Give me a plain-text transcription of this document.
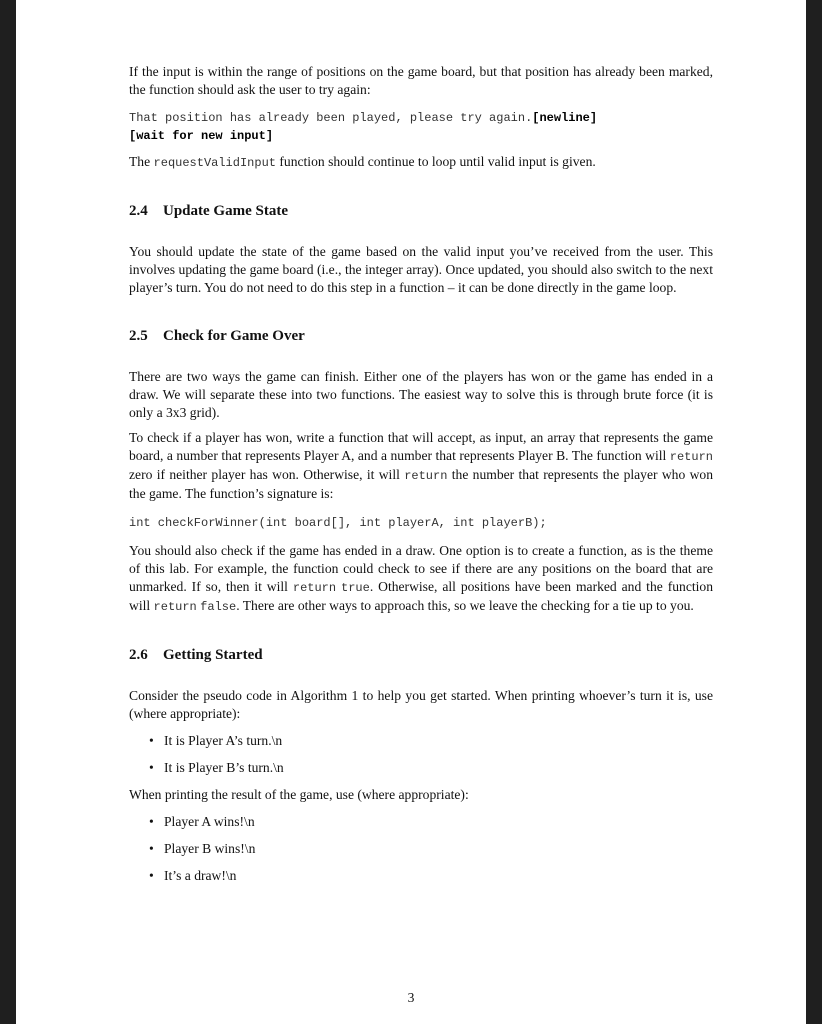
If the input is within the range of positions on the game board, but that position has already been marked, the function should ask the user to try again:

That position has already been played, please try again.[newline]

[wait for new input]

The requestValidInput function should continue to loop until valid input is given.

2.4 Update Game State

You should update the state of the game based on the valid input you’ve received from the user. This involves updating the game board (i.e., the integer array). Once updated, you should also switch to the next player’s turn. You do not need to do this step in a function – it can be done directly in the game loop.

2.5 Check for Game Over

There are two ways the game can finish. Either one of the players has won or the game has ended in a draw. We will separate these into two functions. The easiest way to solve this is through brute force (it is only a 3x3 grid).

To check if a player has won, write a function that will accept, as input, an array that represents the game board, a number that represents Player A, and a number that represents Player B. The function will return zero if neither player has won. Otherwise, it will return the number that represents the player who won the game. The function’s signature is:

int checkForWinner(int board[], int playerA, int playerB);

You should also check if the game has ended in a draw. One option is to create a function, as is the theme of this lab. For example, the function could check to see if there are any positions on the board that are unmarked. If so, then it will return true. Otherwise, all positions have been marked and the function will return false. There are other ways to approach this, so we leave the checking for a tie up to you.

2.6 Getting Started

Consider the pseudo code in Algorithm 1 to help you get started. When printing whoever’s turn it is, use (where appropriate):

• It is Player A’s turn.\n
• It is Player B’s turn.\n

When printing the result of the game, use (where appropriate):

• Player A wins!\n
• Player B wins!\n
• It’s a draw!\n
3
